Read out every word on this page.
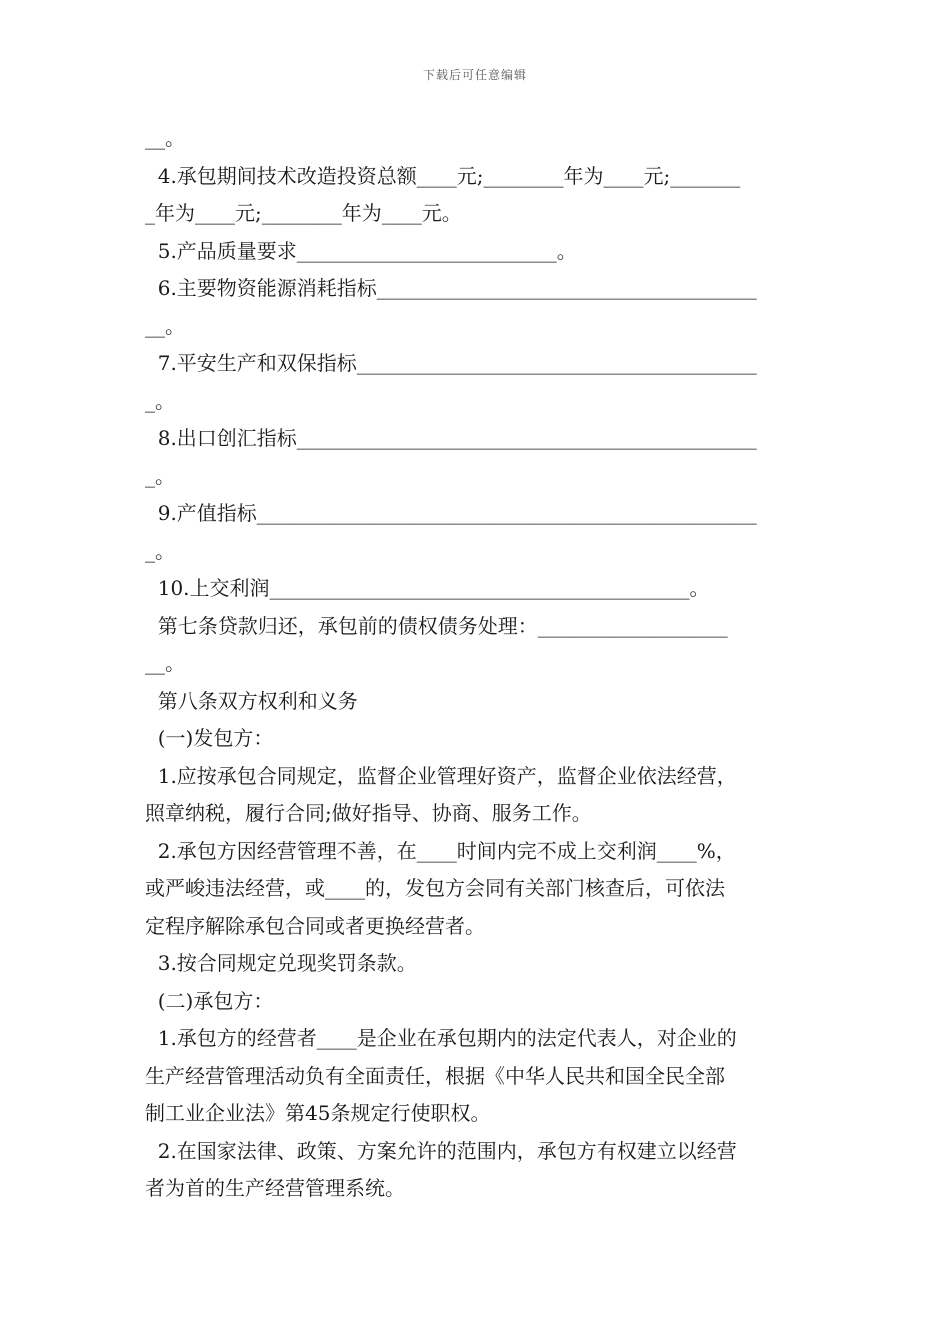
下载后可任意编辑
__。
4.承包期间技术改造投资总额____元;________年为____元;_______
_年为____元;________年为____元。
5.产品质量要求__________________________。
6.主要物资能源消耗指标______________________________________
__。
7.平安生产和双保指标________________________________________
_。
8.出口创汇指标______________________________________________
_。
9.产值指标__________________________________________________
_。
10.上交利润__________________________________________。
第七条贷款归还，承包前的债权债务处理：___________________
__。
第八条双方权利和义务
(一)发包方：
1.应按承包合同规定，监督企业管理好资产，监督企业依法经营，
照章纳税，履行合同;做好指导、协商、服务工作。
2.承包方因经营管理不善，在____时间内完不成上交利润____%，
或严峻违法经营，或____的，发包方会同有关部门核查后，可依法
定程序解除承包合同或者更换经营者。
3.按合同规定兑现奖罚条款。
(二)承包方：
1.承包方的经营者____是企业在承包期内的法定代表人，对企业的
生产经营管理活动负有全面责任，根据《中华人民共和国全民全部
制工业企业法》第45条规定行使职权。
2.在国家法律、政策、方案允许的范围内，承包方有权建立以经营
者为首的生产经营管理系统。
